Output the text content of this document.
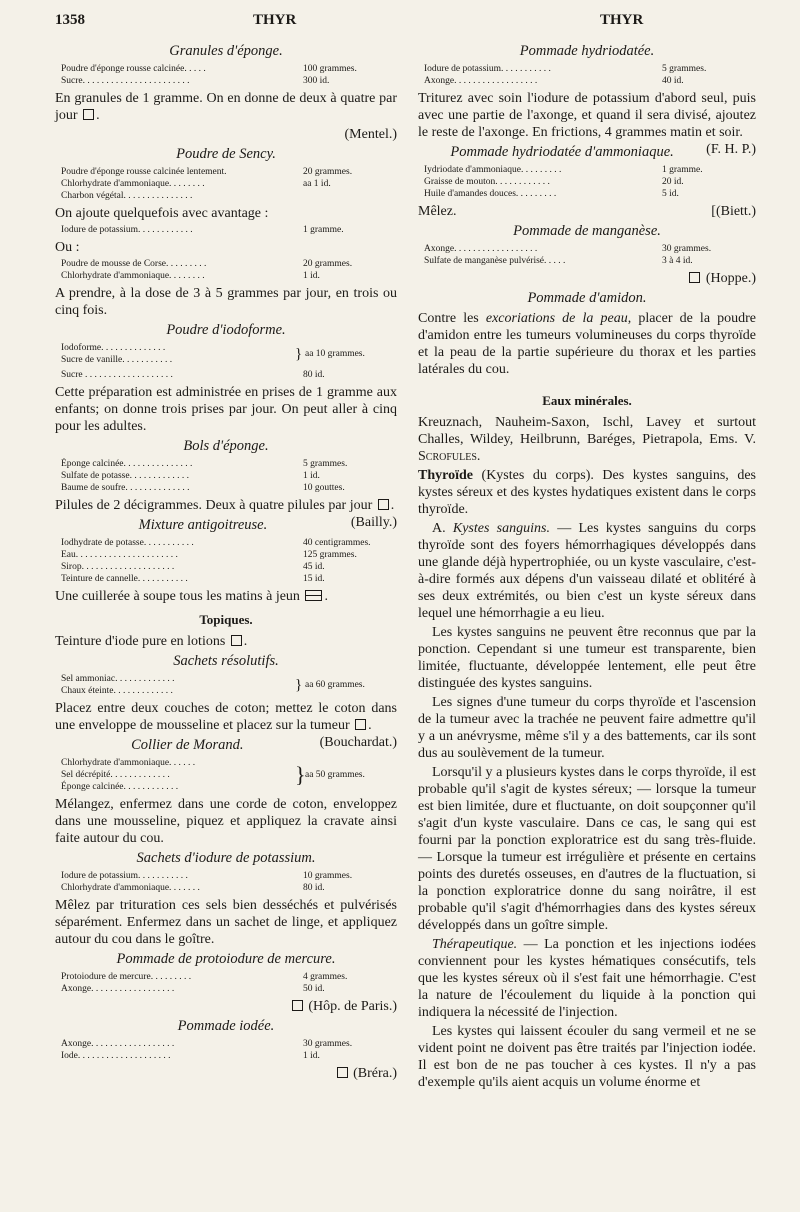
1358	THYR	THYR
Granules d'éponge.
Poudre d'éponge rousse calcinée. . . . .	100 grammes.
Sucre. . . . . . . . . . . . . . . . . . . . . . .	300 id.

En granules de 1 gramme. On en donne de deux à quatre par jour .

(Mentel.)
Poudre de Sency.
Poudre d'éponge rousse calcinée lentement.	20 grammes.
Chlorhydrate d'ammoniaque. . . . . . . .	aa 1 id.
Charbon végétal. . . . . . . . . . . . . . .

On ajoute quelquefois avec avantage :

Iodure de potassium. . . . . . . . . . . .	1 gramme.

Ou :

Poudre de mousse de Corse. . . . . . . . .	20 grammes.
Chlorhydrate d'ammoniaque. . . . . . . .	1 id.

A prendre, à la dose de 3 à 5 grammes par jour, en trois ou cinq fois.

Poudre d'iodoforme.
Iodoforme. . . . . . . . . . . . . .
Sucre de vanille. . . . . . . . . . .	} aa 10 grammes.
Sucre . . . . . . . . . . . . . . . . . . .	80 id.

Cette préparation est administrée en prises de 1 gramme aux enfants; on donne trois prises par jour. On peut aller à cinq pour les adultes.

Bols d'éponge.
Éponge calcinée. . . . . . . . . . . . . . .	5 grammes.
Sulfate de potasse. . . . . . . . . . . . .	1 id.
Baume de soufre. . . . . . . . . . . . . .	10 gouttes.

Pilules de 2 décigrammes. Deux à quatre pilules par jour .
(Bailly.)

Mixture antigoitreuse.
Iodhydrate de potasse. . . . . . . . . . .	40 centigrammes.
Eau. . . . . . . . . . . . . . . . . . . . . .	125 grammes.
Sirop. . . . . . . . . . . . . . . . . . . .	45 id.
Teinture de cannelle. . . . . . . . . . .	15 id.

Une cuillerée à soupe tous les matins à jeun .

Topiques.

Teinture d'iode pure en lotions .

Sachets résolutifs.
Sel ammoniac. . . . . . . . . . . . .
Chaux éteinte. . . . . . . . . . . . .	} aa 60 grammes.

Placez entre deux couches de coton; mettez le coton dans une enveloppe de mousseline et placez sur la tumeur .
(Bouchardat.)

Collier de Morand.
Chlorhydrate d'ammoniaque. . . . . .
Sel décrépité. . . . . . . . . . . . .
Éponge calcinée. . . . . . . . . . . .	} aa 50 grammes.

Mélangez, enfermez dans une corde de coton, enveloppez dans une mousseline, piquez et appliquez la cravate ainsi faite autour du cou.

Sachets d'iodure de potassium.
Iodure de potassium. . . . . . . . . . .	10 grammes.
Chlorhydrate d'ammoniaque. . . . . . .	80 id.

Mêlez par trituration ces sels bien desséchés et pulvérisés séparément. Enfermez dans un sachet de linge, et appliquez autour du cou dans le goître.

Pommade de protoiodure de mercure.
Protoiodure de mercure. . . . . . . . .	4 grammes.
Axonge. . . . . . . . . . . . . . . . . .	50 id.
(Hôp. de Paris.)
Pommade iodée.
Axonge. . . . . . . . . . . . . . . . . .	30 grammes.
Iode. . . . . . . . . . . . . . . . . . . .	1 id.
(Bréra.)
Pommade hydriodatée.
Iodure de potassium. . . . . . . . . . .	5 grammes.
Axonge. . . . . . . . . . . . . . . . . .	40 id.

Triturez avec soin l'iodure de potassium d'abord seul, puis avec une partie de l'axonge, et quand il sera divisé, ajoutez le reste de l'axonge. En frictions, 4 grammes matin et soir.
(F. H. P.)

Pommade hydriodatée d'ammoniaque.
Iydriodate d'ammoniaque. . . . . . . . .	1 gramme.
Graisse de mouton. . . . . . . . . . . .	20 id.
Huile d'amandes douces. . . . . . . . .	5 id.
Mêlez.	[(Biett.)
Pommade de manganèse.
Axonge. . . . . . . . . . . . . . . . . .	30 grammes.
Sulfate de manganèse pulvérisé. . . . .	3 à 4 id.
(Hoppe.)
Pommade d'amidon.

Contre les excoriations de la peau, placer de la poudre d'amidon entre les tumeurs volumineuses du corps thyroïde et la peau de la partie supérieure du thorax et les parties latérales du cou.

Eaux minérales.

Kreuznach, Nauheim-Saxon, Ischl, Lavey et surtout Challes, Wildey, Heilbrunn, Baréges, Pietrapola, Ems. V. Scrofules.

Thyroïde (Kystes du corps). Des kystes sanguins, des kystes séreux et des kystes hydatiques existent dans le corps thyroïde.

A. Kystes sanguins. — Les kystes sanguins du corps thyroïde sont des foyers hémorrhagiques développés dans une glande déjà hypertrophiée, ou un kyste vasculaire, c'est-à-dire formés aux dépens d'un vaisseau dilaté et oblitéré à ses deux extrémités, ou bien c'est un kyste séreux dans lequel une hémorrhagie a eu lieu.

Les kystes sanguins ne peuvent être reconnus que par la ponction. Cependant si une tumeur est transparente, bien limitée, fluctuante, développée lentement, elle peut être distinguée des kystes sanguins.

Les signes d'une tumeur du corps thyroïde et l'ascension de la tumeur avec la trachée ne peuvent faire admettre qu'il y a un anévrysme, même s'il y a des battements, car ils sont dus au soulèvement de la tumeur.

Lorsqu'il y a plusieurs kystes dans le corps thyroïde, il est probable qu'il s'agit de kystes séreux; — lorsque la tumeur est bien limitée, dure et fluctuante, on doit soupçonner qu'il s'agit d'un kyste vasculaire. Dans ce cas, le sang qui est fourni par la ponction exploratrice est du sang très-fluide. — Lorsque la tumeur est irrégulière et présente en certains points des duretés osseuses, en d'autres de la fluctuation, si la ponction exploratrice donne du sang noirâtre, il est probable qu'il s'agit d'hémorrhagies dans des kystes séreux développés dans un goître simple.

Thérapeutique. — La ponction et les injections iodées conviennent pour les kystes hématiques consécutifs, tels que les kystes séreux où il s'est fait une hémorrhagie. C'est la nature de l'écoulement du liquide à la ponction qui indiquera la nécessité de l'injection.

Les kystes qui laissent écouler du sang vermeil et ne se vident point ne doivent pas être traités par l'injection iodée. Il est bon de ne pas toucher à ces kystes. Il n'y a pas d'exemple qu'ils aient acquis un volume énorme et
